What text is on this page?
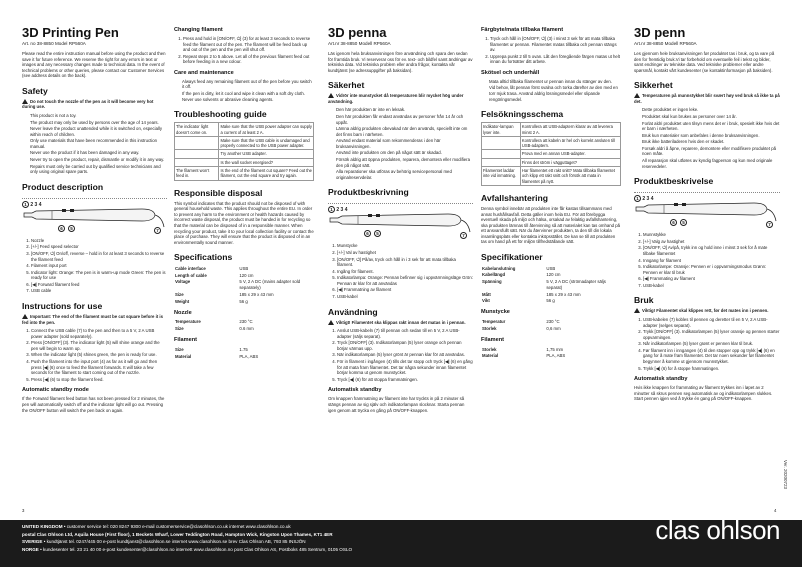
3D Printing Pen

Art. no 38-8850 Model RP560A

Please read the entire instruction manual before using the product and then save it for future reference. We reserve the right for any errors in text or images and any necessary changes made to technical data. In the event of technical problems or other queries, please contact our Customer Services (see address details on the back).

Safety

Do not touch the nozzle of the pen as it will become very hot during use.

• This product is not a toy.
• The product may only be used by persons over the age of 14 years.
• Never leave the product unattended while it is switched on, especially within reach of children.
• Only use materials that have been recommended in this instruction manual.
• Never use the product if it has been damaged in any way.
• Never try to open the product, repair, dismantle or modify it in any way.
• Repairs must only be carried out by qualified service technicians and only using original spare parts.
Product description
1 2 3 4
6	5	7
1. Nozzle
2. [+/-] Feed speed selector
3. [ON/OFF, ⏻] On/off, reverse – hold in for at least 3 seconds to reverse the filament feed
4. Filament input port
5. Indicator light: Orange: The pen is in warm-up mode Green: The pen is ready for use
6. [◀] Forward filament feed
7. USB cable
Instructions for use

Important: The end of the filament must be cut square before it is fed into the pen.

1. Connect the USB cable (7) to the pen and then to a 5 V, 2 A USB power adapter (sold separately).
2. Press [ON/OFF] (3). The indicator light (5) will shine orange and the pen will begin to warm up.
3. When the indicator light (5) shines green, the pen is ready for use.
4. Push the filament into the input port (4) as far as it will go and then press [◀] (6) once to feed the filament forwards. It will take a few seconds for the filament to start coming out of the nozzle.
5. Press [◀] (6) to stop the filament feed.
Automatic standby mode

If the Forward filament feed button has not been pressed for 2 minutes, the pen will automatically switch off and the indicator light will go out. Pressing the ON/OFF button will switch the pen back on again.

Changing filament
1. Press and hold in [ON/OFF, ⏻] (3) for at least 3 seconds to reverse feed the filament out of the pen. The filament will be feed back up and out of the pen and the pen will shut off.
2. Repeat steps 2 to 5 above. Let all of the previous filament feed out before feeding in a new colour.
Care and maintenance
• Always feed any remaining filament out of the pen before you switch it off.
• If the pen is dirty, let it cool and wipe it clean with a soft dry cloth. Never use solvents or abrasive cleaning agents.
Troubleshooting guide
The indicator light doesn’t come on.	Make sure that the USB power adapter can supply a current of at least 2 A.
	Make sure that the USB cable is undamaged and properly connected to the USB power adapter.
	Try another USB adapter.
	Is the wall socket energised?
The filament won’t feed in.	Is the end of the filament cut square? Feed out the filament, cut the end square and try again.
Responsible disposal

This symbol indicates that the product should not be disposed of with general household waste. This applies throughout the entire EU. In order to prevent any harm to the environment or health hazards caused by incorrect waste disposal, the product must be handed in for recycling so that the material can be disposed of in a responsible manner. When recycling your product, take it to your local collection facility or contact the place of purchase. They will ensure that the product is disposed of in an environmentally sound manner.

Specifications
Cable interface	USB
Length of cable	120 cm
Voltage	5 V, 2 A DC (mains adapter sold separately)
Size	185 x 29 x 43 mm
Weight	56 g
Nozzle
Temperature	230 °C
Size	0.6 mm
Filament
Size	1.75
Material	PLA, ABS
3D penna

Art.nr 38-8850 Modell RP560A

Läs igenom hela bruksanvisningen före användning och spara den sedan för framtida bruk. Vi reserverar oss för ev. text- och bildfel samt ändringar av tekniska data. Vid tekniska problem eller andra frågor, kontakta vår kundtjänst (se adressuppgifter på baksidan).

Säkerhet

Vidrör inte munstycket då temperaturen blir mycket hög under användning.

• Den här produkten är inte en leksak.
• Den här produkten får endast användas av personer från 14 år och uppåt.
• Lämna aldrig produkten obevakad när den används, speciellt inte om det finns barn i närheten.
• Använd endast material som rekommenderas i den här bruksanvisningen.
• Använd inte produkten om den på något sätt är skadad.
• Försök aldrig att öppna produkten, reparera, demontera eller modifiera den på något sätt.
• Alla reparationer ska utföras av behörig servicepersonal med originalreservdelar.
Produktbeskrivning
1 2 3 4
6	5	7
1. Munstycke
2. [+/-] Val av hastighet
3. [ON/OFF, ⏻] På/av, tryck och håll in i 3 sek för att mata tillbaka filament.
4. Ingång för filament.
5. Indikatorlampa: Orange: Pennan befinner sig i uppvärmningsläge Grön: Pennan är klar för att användas
6. [◀] Frammatning av filament
7. USB-kabel
Användning

Viktigt! Filamentet ska klippas rakt innan det matas in i pennan.

1. Anslut USB-kabeln (7) till pennan och sedan till en 5 V, 2 A USB-adapter (säljs separat).
2. Tryck [ON/OFF] (3). Indikatorlampan (5) lyser orange och pennan börjar värmas upp.
3. När indikatorlampan (5) lyser grönt är pennan klar för att användas.
4. För in filament i ingången (4) tills det tar stopp och tryck [◀] (6) en gång för att mata fram filamentet. Det tar några sekunder innan filamentet börjar komma ut genom munstycket.
5. Tryck [◀] (6) för att stoppa frammatningen.
Automatisk standby

Om knappen frammatning av filament inte har tryckts in på 2 minuter så stängs pennan av sig själv och indikatorlampan slocknar. Starta pennan igen genom att trycka en gång på ON/OFF-knappen.

Färgbyte/mata tillbaka filament
1. Tryck och håll in [ON/OFF, ⏻] (3) i minst 3 sek för att mata tillbaka filamentet ur pennan. Filamentet matas tillbaka och pennan stängs av.
2. Upprepa punkt 2 till 5 ovan. Låt den föregående färgen matas ut helt innan du fortsätter ditt arbete.
Skötsel och underhåll
• Mata alltid tillbaka filamentet ur pennan innan du stänger av den.
• Vid behov, låt pennan först svalna och torka därefter av den med en torr mjuk trasa. Använd aldrig lösningsmedel eller slipande rengöringsmedel.
Felsökningsschema
Indikator-lampan lyser inte.	Kontrollera att USB-adaptern klarar av att leverera minst 2 A.
	Kontrollera att kabeln är hel och korrekt ansluten till USB-adaptern.
	Prova med en annan USB-adapter.
	Finns det ström i vägguttaget?
Filamentet laddar inte vid inmatning.	Har filamentet ett rakt snitt? Mata tillbaka filamentet och klipp ett rakt snitt och försök att mata in filamentet på nytt.
Avfallshantering

Denna symbol innebär att produkten inte får kastas tillsammans med annat hushållsavfall. Detta gäller inom hela EU. För att förebygga eventuell skada på miljö och hälsa, orsakad av felaktig avfallshantering, ska produkten lämnas till återvinning så att materialet kan tas omhand på ett ansvarsfullt sätt. När du återvinner produkten, ta den till din lokala insamlingsplats eller kontakta inköpsstället. De kan se till att produkten tas om hand på ett för miljön tillfredställande sätt.

Specifikationer
Kabelanslutning	USB
Kabellängd	120 cm
Spänning	5 V, 2 A DC (strömadapter säljs separat)
Mått	185 x 29 x 43 mm
Vikt	56 g
Munstycke
Temperatur	230 °C
Storlek	0,6 mm
Filament
Storlek	1,75 mm
Material	PLA, ABS
3D penn

Art.nr 38-8850 Modell RP560A

Les gjennom hele bruksanvisningen før produktet tas i bruk, og ta vare på den for fremtidig bruk.Vi tar forbehold om eventuelle feil i tekst og bilder, samt endringer av tekniske data. Ved tekniske problemer eller andre spørsmål, kontakt vårt kundesenter (se kontaktinformasjon på baksiden).

Sikkerhet

Temperaturen på munnstykket blir svært høy ved bruk så ikke ta på det.

• Dette produktet er ingen leke.
• Produktet skal kun brukes av personer over 14 år.
• Forlat aldri produktet uten tilsyn mens det er i bruk, spesielt ikke hvis det er barn i nærheten.
• Bruk kun materialer som anbefales i denne bruksanvisningen.
• Bruk ikke batteriladeren hvis den er skadet.
• Forsøk aldri å åpne, reparere, demontere eller modifisere produktet på noen måte.
• All reparasjon skal utføres av kyndig fagperson og kun med originale reservedeler.
Produktbeskrivelse
1 2 3 4
6	5	7
1. Munnstykke
2. [+/-] Valg av hastighet
3. [ON/OFF, ⏻] Av/på, trykk inn og hold inne i minst 3 sek for å mate tilbake filamentet
4. Inngang for filament
5. Indikatorlampe: Oransje: Pennen er i oppvarmingsmodus Grønn: Pennen er klar til bruk
6. [◀] Frammating av filament
7. USB-kabel
Bruk

Viktig! Filamentet skal klippes rett, før det mates inn i pennen.

1. USB-kabelen (7) kobles til pennen og deretter til en 5 V, 2 A USB-adapter (selges separat).
2. Trykk [ON/OFF] (3). Indikatorlampen (5) lyser oransje og pennen starter oppvarmingen.
3. Når indikatorlampen (5) lyser grønt er pennen klar til bruk.
4. Før filament inn i inngangen (4) til den stopper opp og trykk [◀] (6) en gang for å mate fram filamentet. Det tar noen sekunder før filamentet begynner å komme ut gjennom munnstykket.
5. Trykk [◀] (6) for å stoppe frammatingen.
Automatisk standby

Hvis ikke knappen for frammating av filament trykkes inn i løpet av 2 minutter så skrus pennen seg automatisk av og indikatorlampen slukkes. Start pennen igjen ved å trykke én gang på ON/OFF-knappen.

Ver. 20200723
3	4
UNITED KINGDOM • customer service tel: 020 8247 9300 e-mail customerservice@clasohlson.co.uk internet www.clasohlson.co.uk
postal Clas Ohlson Ltd, Aquila House (First floor), 1 Beckets Wharf, Lower Teddington Road, Hampton Wick, Kingston Upon Thames, KT1 4ER
SVERIGE • kundtjänst tel. 0247/445 00 e-post kundtjanst@clasohlson.se internet www.clasohlson.se brev Clas Ohlson AB, 793 85 INSJÖN
NORGE • kundesenter tel. 23 21 40 00 e-post kundesenter@clasohlson.no internett www.clasohlson.no post Clas Ohlson AS, Postboks 485 Sentrum, 0105 OSLO
clas ohlson
